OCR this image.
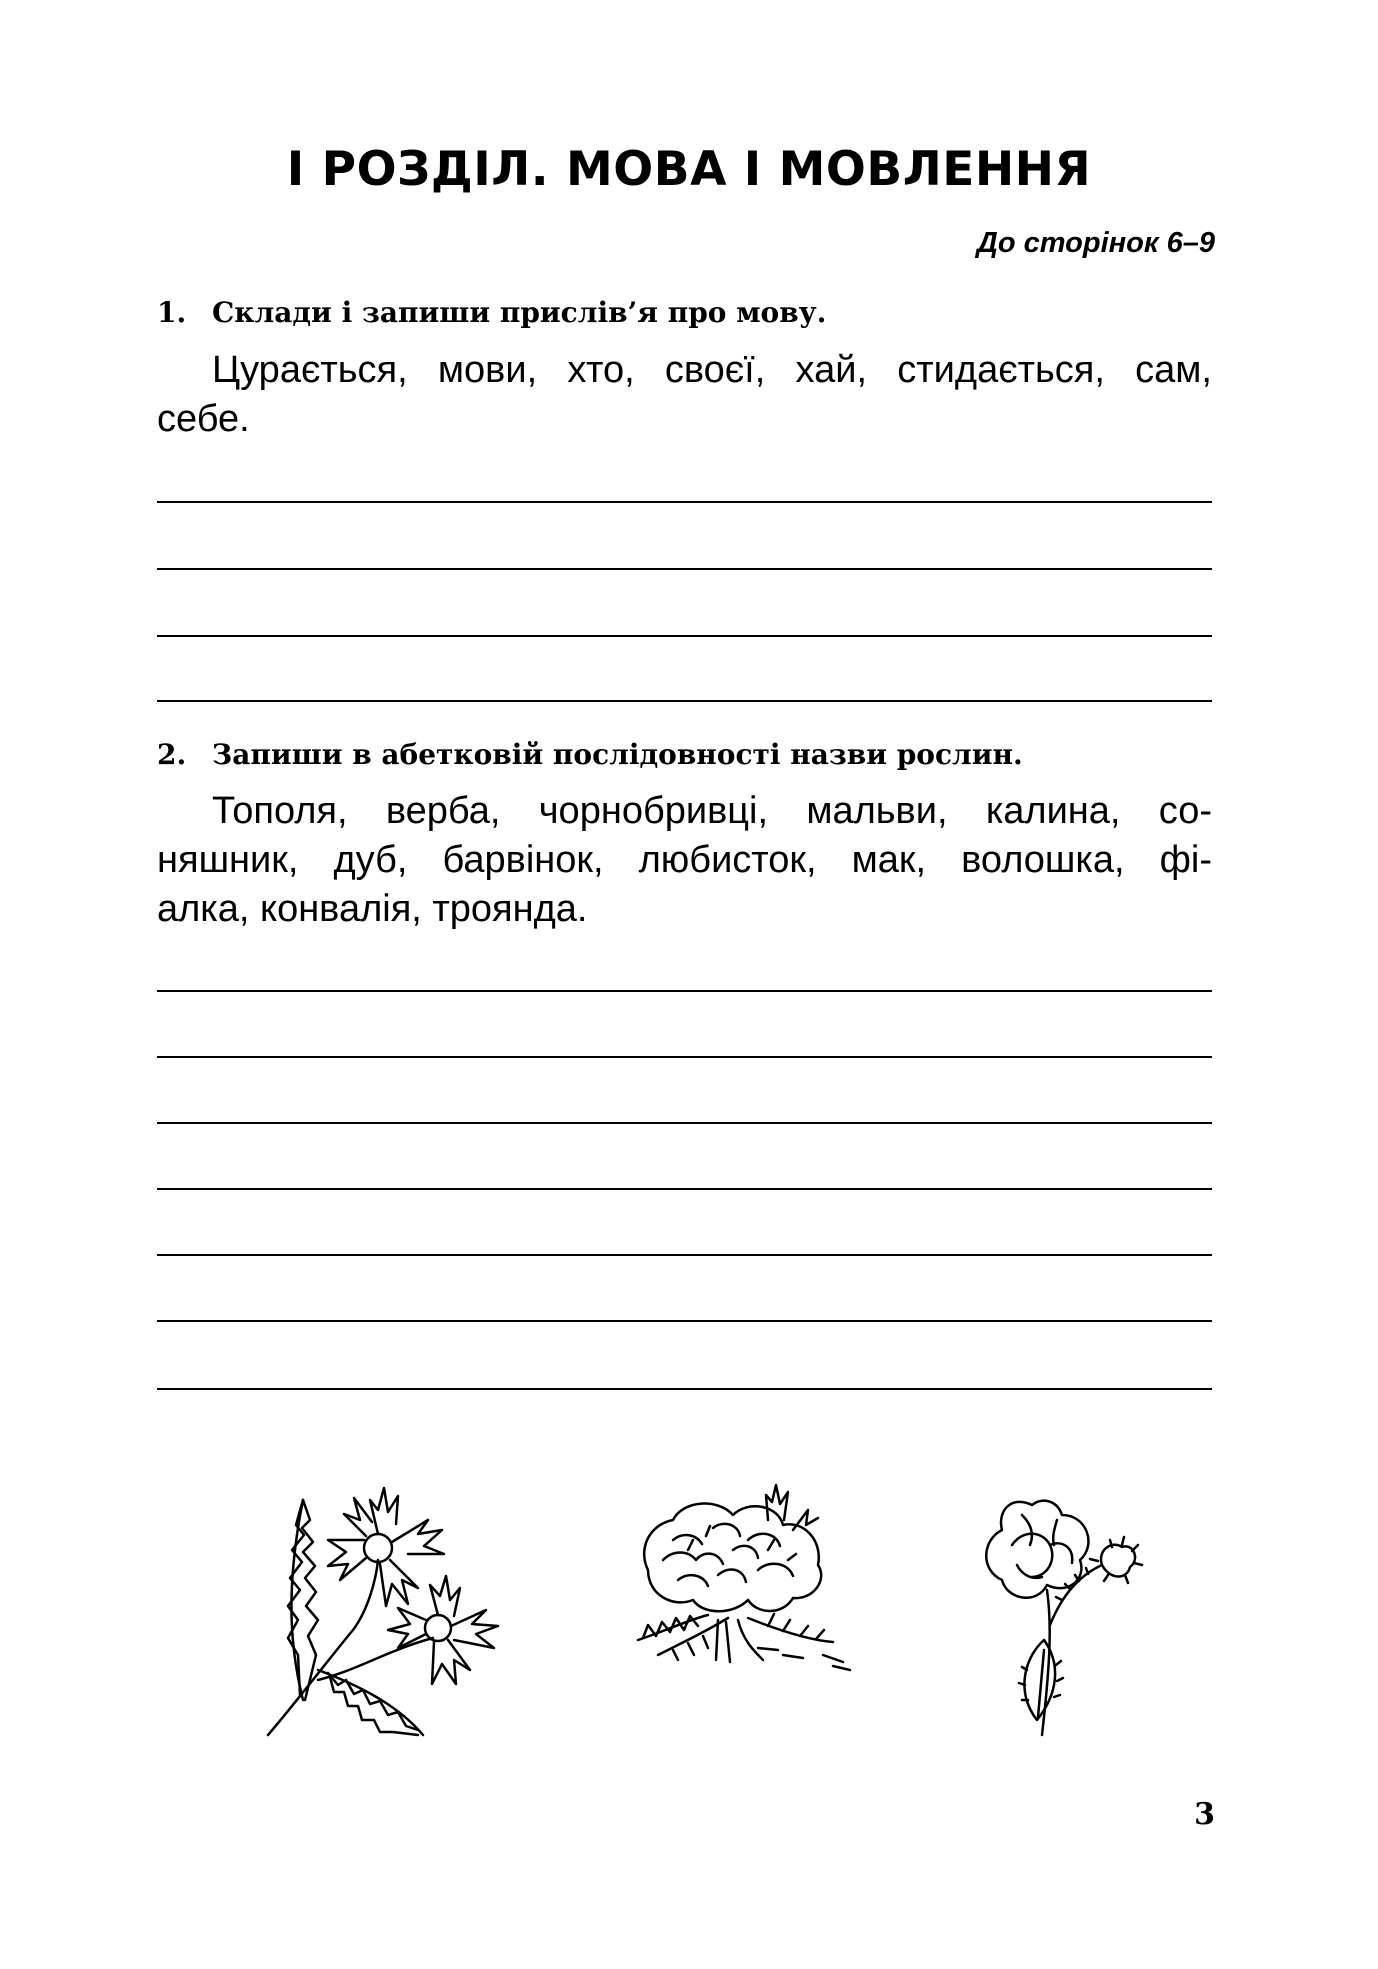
І РОЗДІЛ. МОВА І МОВЛЕННЯ
До сторінок 6–9
1. Склади і запиши прислів’я про мову.

Цурається, мови, хто, своєї, хай, стидається, сам,
себе.

2. Запиши в абетковій послідовності назви рослин.

Тополя, верба, чорнобривці, мальви, калина, со-
няшник, дуб, барвінок, любисток, мак, волошка, фі-
алка, конвалія, троянда.

3
